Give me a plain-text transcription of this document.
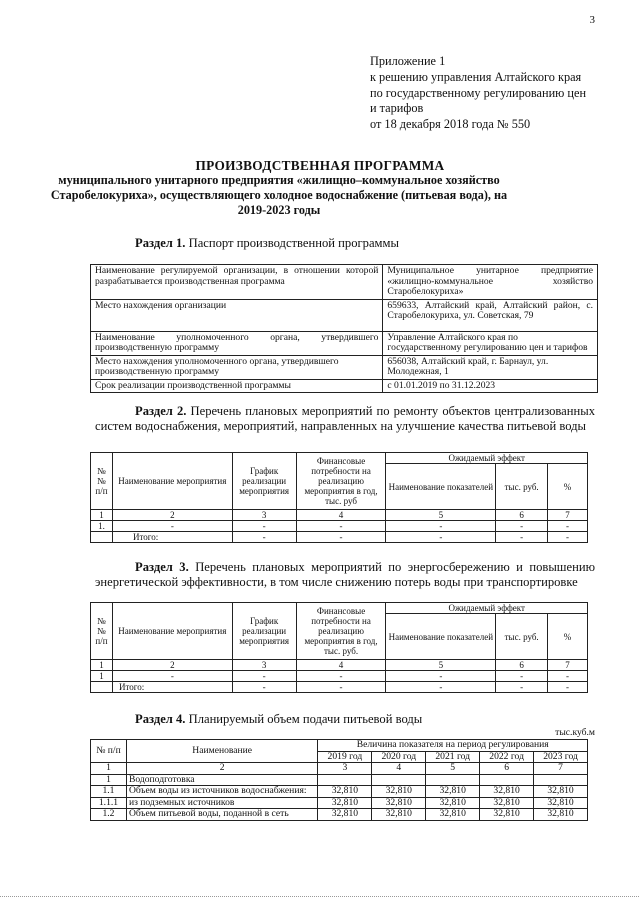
3
Приложение 1
к решению управления Алтайского края
по государственному регулированию цен
и тарифов
от 18 декабря 2018 года № 550
ПРОИЗВОДСТВЕННАЯ ПРОГРАММА
муниципального унитарного предприятия «жилищно–коммунальное хозяйство
Старобелокуриха», осуществляющего холодное водоснабжение (питьевая вода), на
2019-2023 годы
Раздел 1. Паспорт производственной программы
Наименование регулируемой организации, в отношении которой разрабатывается производственная программа	Муниципальное унитарное предприятие «жилищно-коммунальное хозяйство Старобелокуриха»
Место нахождения организации	659633, Алтайский край, Алтайский район, с. Старобелокуриха, ул. Советская, 79
Наименование уполномоченного органа, утвердившего производственную программу	Управление Алтайского края по государственному регулированию цен и тарифов
Место нахождения уполномоченного органа, утвердившего производственную программу	656038, Алтайский край, г. Барнаул, ул. Молодежная, 1
Срок реализации производственной программы	с 01.01.2019 по 31.12.2023
Раздел 2. Перечень плановых мероприятий по ремонту объектов централизованных систем водоснабжения, мероприятий, направленных на улучшение качества питьевой воды
№№ п/п	Наименование мероприятия	График реализации мероприятия	Финансовые потребности на реализацию мероприятия в год, тыс. руб	Ожидаемый эффект		
				Наименование показателей	тыс. руб.	%
1	2	3	4	5	6	7
1.	-	-	-	-	-	-
	Итого:	-	-	-	-	-
Раздел 3. Перечень плановых мероприятий по энергосбережению и повышению энергетической эффективности, в том числе снижению потерь воды при транспортировке
№№ п/п	Наименование мероприятия	График реализации мероприятия	Финансовые потребности на реализацию мероприятия в год, тыс. руб.	Ожидаемый эффект		
				Наименование показателей	тыс. руб.	%
1	2	3	4	5	6	7
1	-	-	-	-	-	-
	Итого:	-	-	-	-	-
Раздел 4. Планируемый объем подачи питьевой воды
тыс.куб.м
№ п/п	Наименование	Величина показателя на период регулирования				
		2019 год	2020 год	2021 год	2022 год	2023 год
1	2	3	4	5	6	7
1	Водоподготовка					
1.1	Объем воды из источников водоснабжения:	32,810	32,810	32,810	32,810	32,810
1.1.1	из подземных источников	32,810	32,810	32,810	32,810	32,810
1.2	Объем питьевой воды, поданной в сеть	32,810	32,810	32,810	32,810	32,810
